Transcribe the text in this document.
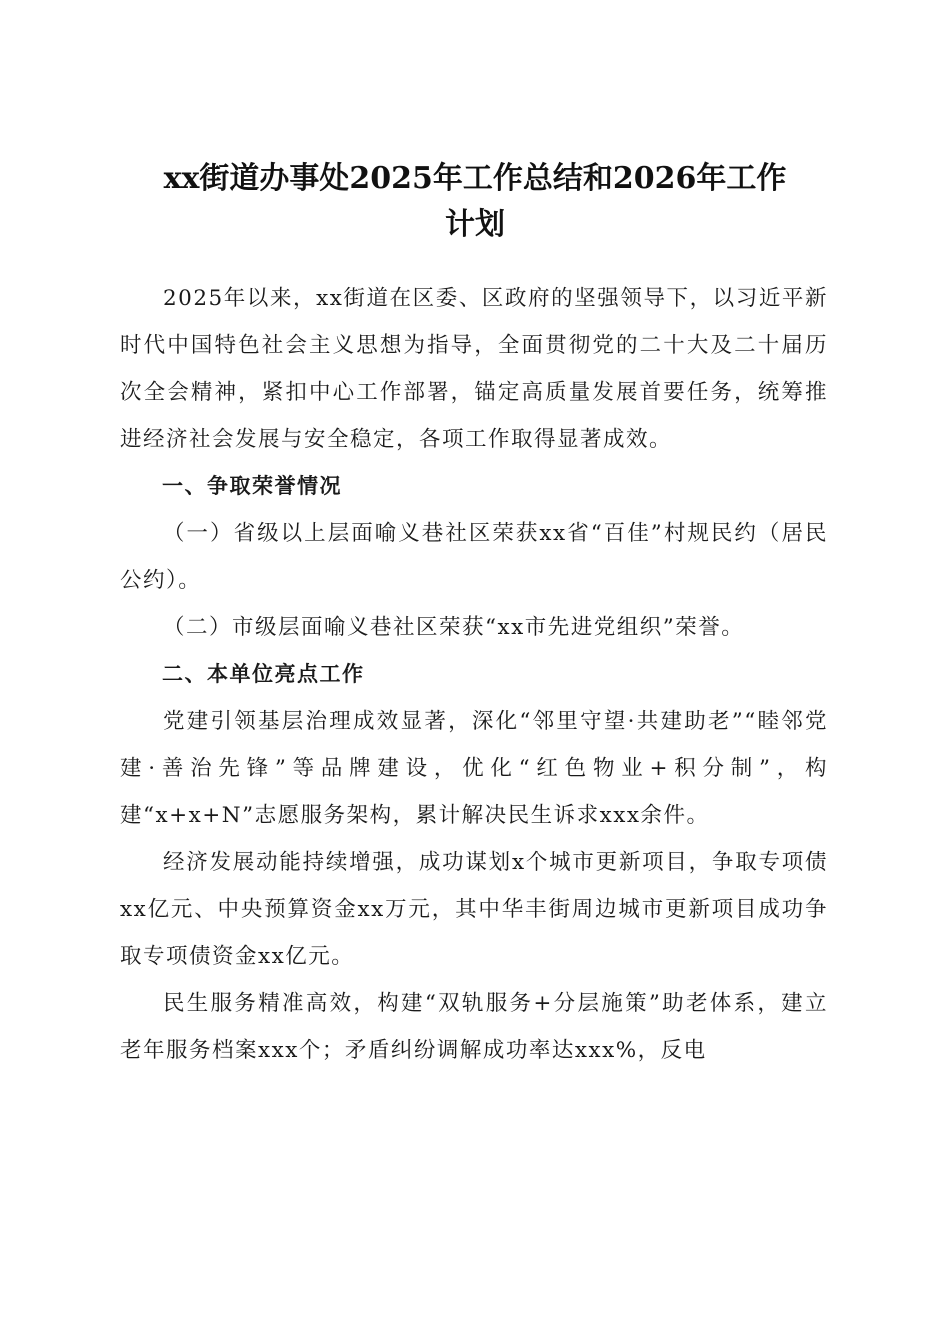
xx街道办事处2025年工作总结和2026年工作
计划

2025年以来，xx街道在区委、区政府的坚强领导下，以习近平新时代中国特色社会主义思想为指导，全面贯彻党的二十大及二十届历次全会精神，紧扣中心工作部署，锚定高质量发展首要任务，统筹推进经济社会发展与安全稳定，各项工作取得显著成效。

一、争取荣誉情况

（一）省级以上层面喻义巷社区荣获xx省“百佳”村规民约（居民公约）。

（二）市级层面喻义巷社区荣获“xx市先进党组织”荣誉。

二、本单位亮点工作

党建引领基层治理成效显著，深化“邻里守望·共建助老”“睦邻党建·善治先锋”等品牌建设，优化“红色物业+积分制”，构建“x+x+N”志愿服务架构，累计解决民生诉求xxx余件。

经济发展动能持续增强，成功谋划x个城市更新项目，争取专项债xx亿元、中央预算资金xx万元，其中华丰街周边城市更新项目成功争取专项债资金xx亿元。

民生服务精准高效，构建“双轨服务+分层施策”助老体系，建立老年服务档案xxx个；矛盾纠纷调解成功率达xxx%，反电
